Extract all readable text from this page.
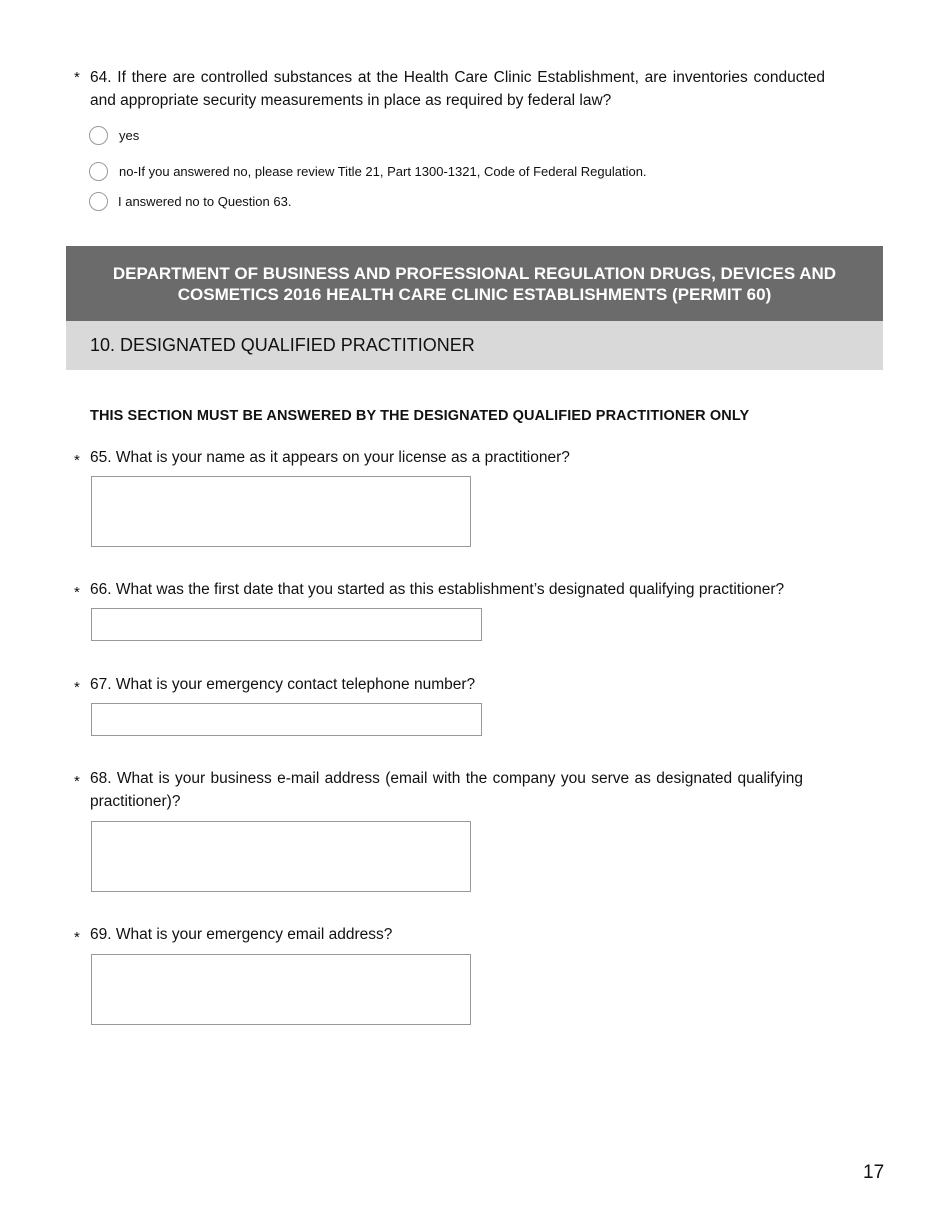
* 64. If there are controlled substances at the Health Care Clinic Establishment, are inventories conducted and appropriate security measurements in place as required by federal law?
yes
no-If you answered no, please review Title 21, Part 1300-1321, Code of Federal Regulation.
I answered no to Question 63.
DEPARTMENT OF BUSINESS AND PROFESSIONAL REGULATION DRUGS, DEVICES AND COSMETICS 2016 HEALTH CARE CLINIC ESTABLISHMENTS (PERMIT 60)
10. DESIGNATED QUALIFIED PRACTITIONER
THIS SECTION MUST BE ANSWERED BY THE DESIGNATED QUALIFIED PRACTITIONER ONLY
* 65. What is your name as it appears on your license as a practitioner?
* 66. What was the first date that you started as this establishment’s designated qualifying practitioner?
* 67. What is your emergency contact telephone number?
* 68. What is your business e-mail address (email with the company you serve as designated qualifying practitioner)?
* 69. What is your emergency email address?
17
